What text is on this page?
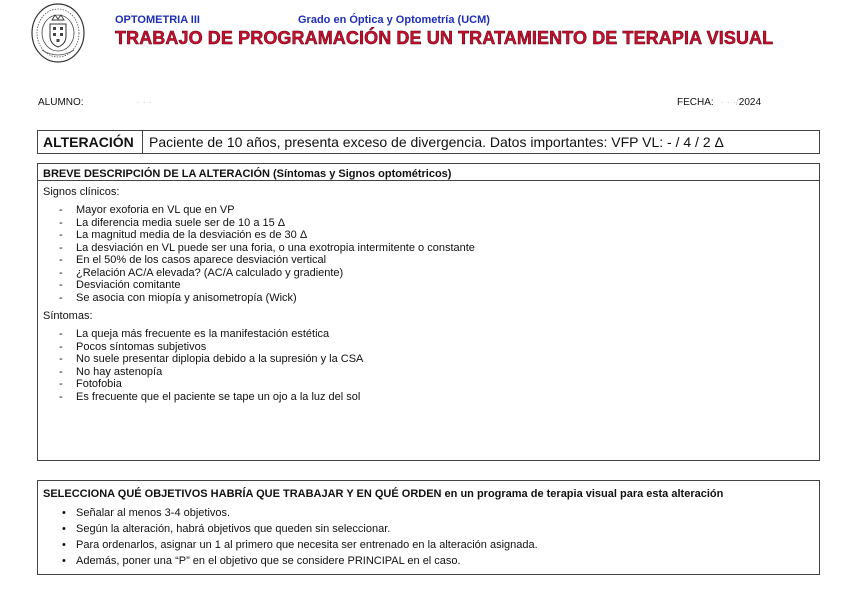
OPTOMETRIA III	Grado en Óptica y Optometría (UCM)
TRABAJO DE PROGRAMACIÓN DE UN TRATAMIENTO DE TERAPIA VISUAL
ALUMNO:	· · ·	FECHA: · · ·/2024
ALTERACIÓN	Paciente de 10 años, presenta exceso de divergencia. Datos importantes: VFP VL: - / 4 / 2 Δ
BREVE DESCRIPCIÓN DE LA ALTERACIÓN (Síntomas y Signos optométricos)
Signos clínicos:
- Mayor exoforia en VL que en VP
- La diferencia media suele ser de 10 a 15 Δ
- La magnitud media de la desviación es de 30 Δ
- La desviación en VL puede ser una foria, o una exotropia intermitente o constante
- En el 50% de los casos aparece desviación vertical
- ¿Relación AC/A elevada? (AC/A calculado y gradiente)
- Desviación comitante
- Se asocia con miopía y anisometropía (Wick)
Síntomas:
- La queja más frecuente es la manifestación estética
- Pocos síntomas subjetivos
- No suele presentar diplopia debido a la supresión y la CSA
- No hay astenopía
- Fotofobia
- Es frecuente que el paciente se tape un ojo a la luz del sol
SELECCIONA QUÉ OBJETIVOS HABRÍA QUE TRABAJAR Y EN QUÉ ORDEN en un programa de terapia visual para esta alteración
• Señalar al menos 3-4 objetivos.
• Según la alteración, habrá objetivos que queden sin seleccionar.
• Para ordenarlos, asignar un 1 al primero que necesita ser entrenado en la alteración asignada.
• Además, poner una “P” en el objetivo que se considere PRINCIPAL en el caso.
